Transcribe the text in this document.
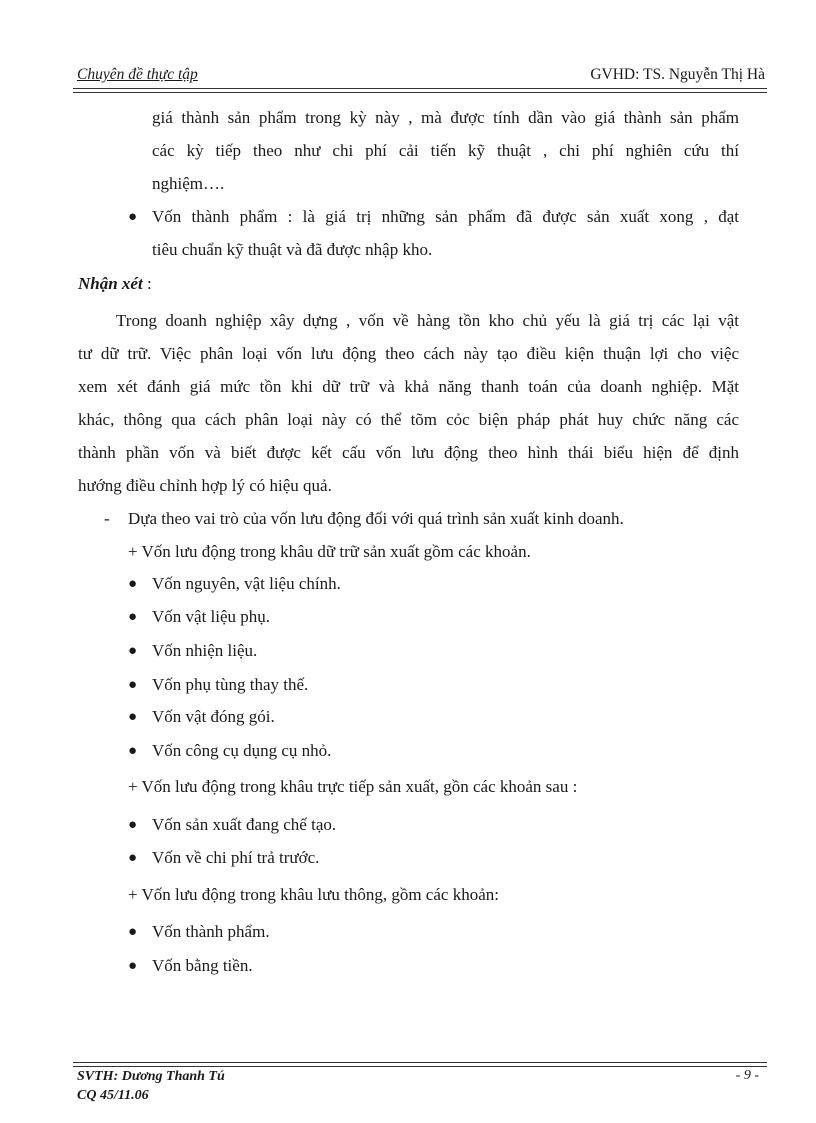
Chuyên đề thực tập	GVHD: TS. Nguyễn Thị Hà
giá thành sản phẩm trong kỳ này , mà được tính dần vào giá thành sản phẩm
các kỳ tiếp theo như chi phí cải tiến kỹ thuật , chi phí nghiên cứu thí
nghiệm….
● Vốn thành phẩm : là giá trị những sản phẩm đã được sản xuất xong , đạt
tiêu chuẩn kỹ thuật và đã được nhập kho.
Nhận xét :
Trong doanh nghiệp xây dựng , vốn về hàng tồn kho chủ yếu là giá trị các lại vật
tư dữ trữ. Việc phân loại vốn lưu động theo cách này tạo điều kiện thuận lợi cho việc
xem xét đánh giá mức tồn khi dữ trữ và khả năng thanh toán của doanh nghiệp. Mặt
khác, thông qua cách phân loại này có thể tõm cỏc biện pháp phát huy chức năng các
thành phần vốn và biết được kết cấu vốn lưu động theo hình thái biểu hiện để định
hướng điều chỉnh hợp lý có hiệu quả.
- Dựa theo vai trò của vốn lưu động đối với quá trình sản xuất kinh doanh.
+ Vốn lưu động trong khâu dữ trữ sản xuất gồm các khoản.
● Vốn nguyên, vật liệu chính.
● Vốn vật liệu phụ.
● Vốn nhiện liệu.
● Vốn phụ tùng thay thế.
● Vốn vật đóng gói.
● Vốn công cụ dụng cụ nhỏ.
+ Vốn lưu động trong khâu trực tiếp sản xuất, gồn các khoản sau :
● Vốn sản xuất đang chế tạo.
● Vốn về chi phí trả trước.
+ Vốn lưu động trong khâu lưu thông, gồm các khoản:
● Vốn thành phẩm.
● Vốn bằng tiền.
SVTH: Dương Thanh Tú
CQ 45/11.06
- 9 -
